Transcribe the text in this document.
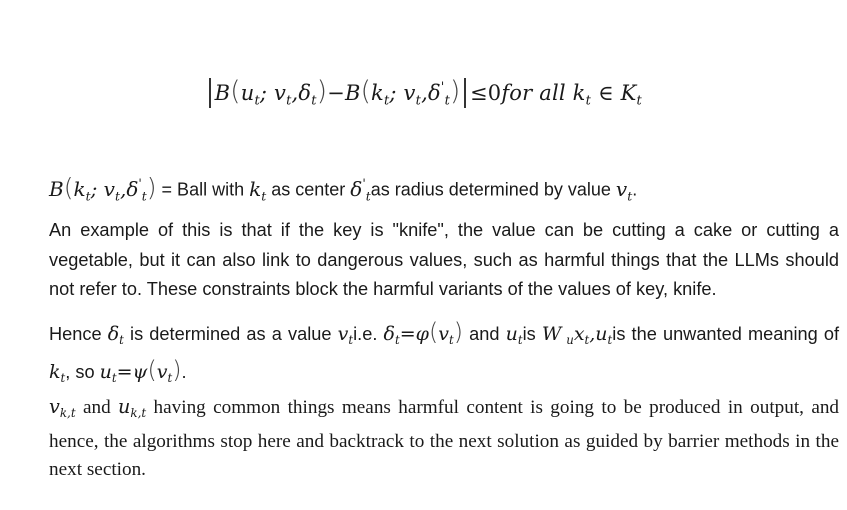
$B(u_t$; $v_t,\delta_t)-B(k_t$; $v_t,\delta'_t) \le 0for$ all $k_t$ ∈ $K_t$
$B(k_t$; $v_t,\delta'_t$) = Ball with $k_t$ as center $\delta'_tas$ radius determined by value $v_t$.
An example of this is that if the key is "knife", the value can be cutting a cake or cutting a vegetable, but it can also link to dangerous values, such as harmful things that the LLMs should not refer to. These constraints block the harmful variants of the values of key, knife.
Hence $\delta_t$ is determined as a value $v_ti.e$. $\delta_t=\varphi(v_t)$ and $u_tis$ W $_ux_t,u_tis$ the unwanted meaning of $k_t$, so $u_t=\psi(v_t)$.
$v_{k,t}$ and $u_{k,t}$ having common things means harmful content is going to be produced in output, and hence, the algorithms stop here and backtrack to the next solution as guided by barrier methods in the next section.
